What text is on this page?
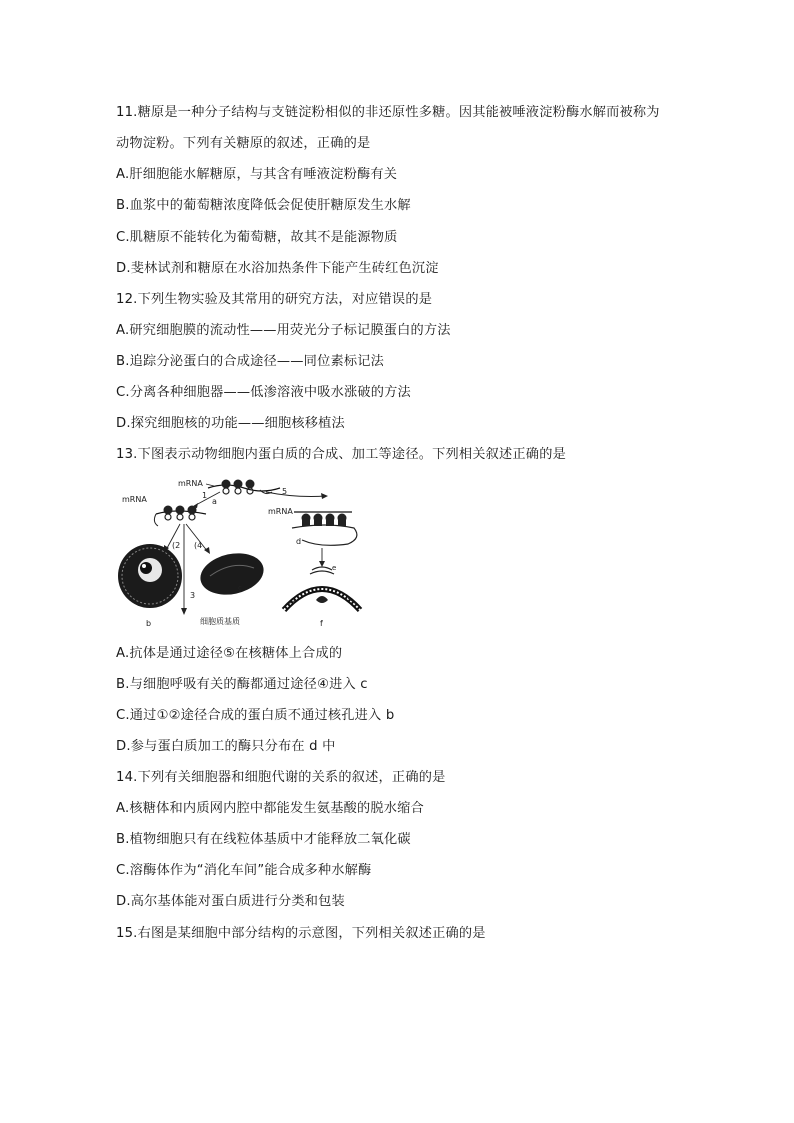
11.糖原是一种分子结构与支链淀粉相似的非还原性多糖。因其能被唾液淀粉酶水解而被称为
动物淀粉。下列有关糖原的叙述，正确的是
A.肝细胞能水解糖原，与其含有唾液淀粉酶有关
B.血浆中的葡萄糖浓度降低会促使肝糖原发生水解
C.肌糖原不能转化为葡萄糖，故其不是能源物质
D.斐林试剂和糖原在水浴加热条件下能产生砖红色沉淀
12.下列生物实验及其常用的研究方法，对应错误的是
A.研究细胞膜的流动性——用荧光分子标记膜蛋白的方法
B.追踪分泌蛋白的合成途径——同位素标记法
C.分离各种细胞器——低渗溶液中吸水涨破的方法
D.探究细胞核的功能——细胞核移植法
13.下图表示动物细胞内蛋白质的合成、加工等途径。下列相关叙述正确的是
mRNA
1
a
5
mRNA
(2 (4
3
b
c
细胞质基质
mRNA
d
e
f
A.抗体是通过途径⑤在核糖体上合成的
B.与细胞呼吸有关的酶都通过途径④进入 c
C.通过①②途径合成的蛋白质不通过核孔进入 b
D.参与蛋白质加工的酶只分布在 d 中
14.下列有关细胞器和细胞代谢的关系的叙述，正确的是
A.核糖体和内质网内腔中都能发生氨基酸的脱水缩合
B.植物细胞只有在线粒体基质中才能释放二氧化碳
C.溶酶体作为“消化车间”能合成多种水解酶
D.高尔基体能对蛋白质进行分类和包装
15.右图是某细胞中部分结构的示意图，下列相关叙述正确的是
